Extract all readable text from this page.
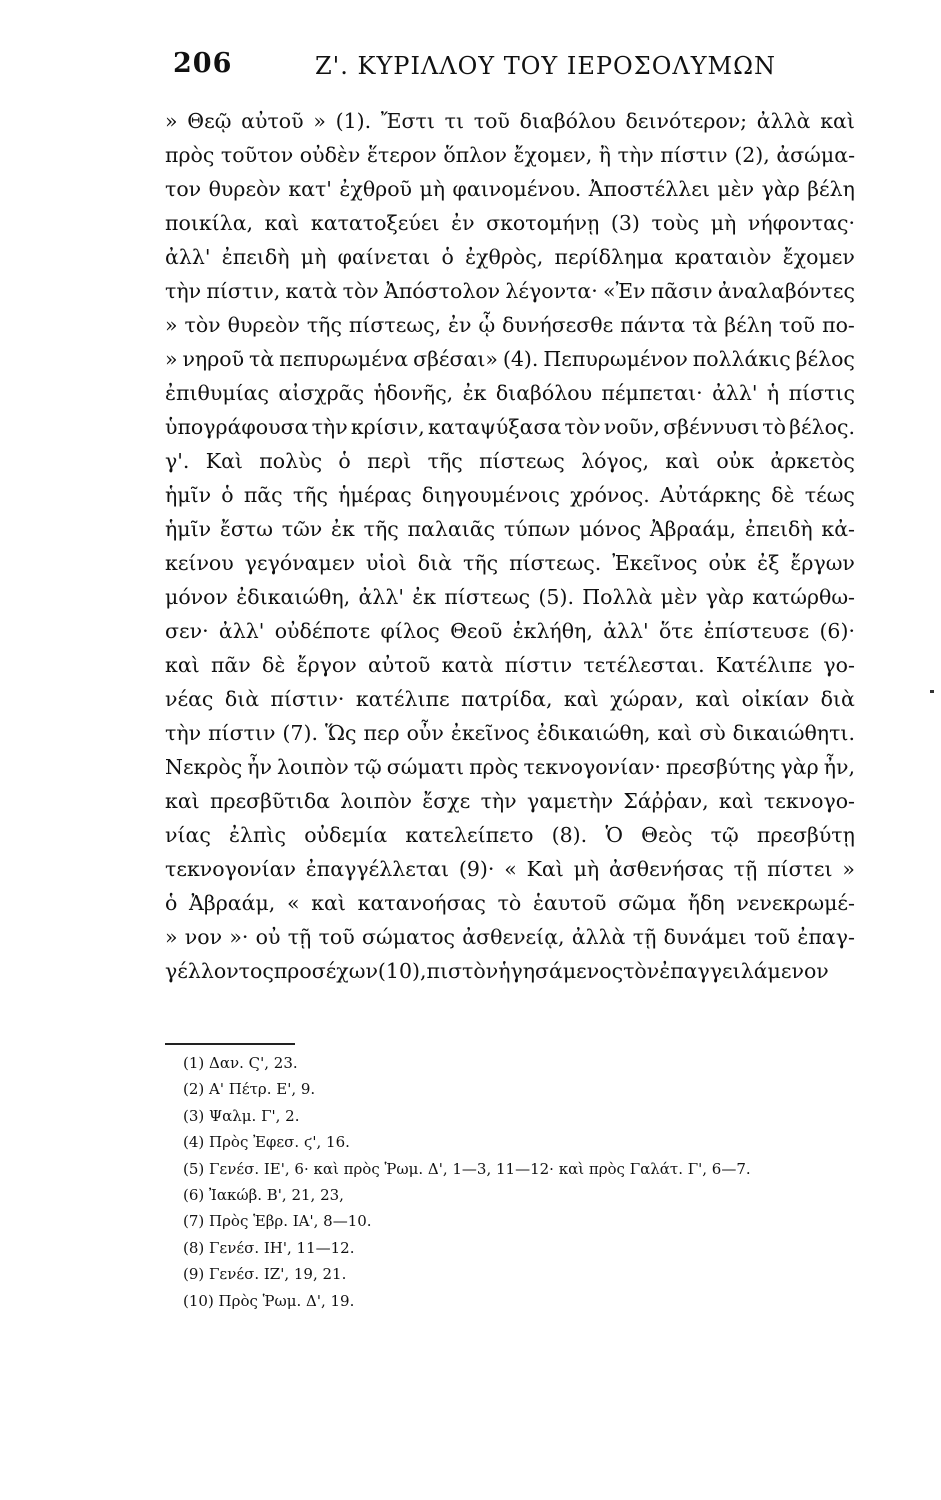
206	Ζ'. ΚΥΡΙΛΛΟΥ ΤΟΥ ΙΕΡΟΣΟΛΥΜΩΝ
» Θεῷ αὐτοῦ » (1). Ἔστι τι τοῦ διαβόλου δεινότερον; ἀλλὰ καὶ
πρὸς τοῦτον οὐδὲν ἕτερον ὅπλον ἔχομεν, ἢ τὴν πίστιν (2), ἀσώμα-
τον θυρεὸν κατ' ἐχθροῦ μὴ φαινομένου. Ἀποστέλλει μὲν γὰρ βέλη
ποικίλα, καὶ κατατοξεύει ἐν σκοτομήνῃ (3) τοὺς μὴ νήφοντας·
ἀλλ' ἐπειδὴ μὴ φαίνεται ὁ ἐχθρὸς, περίδλημα κραταιὸν ἔχομεν
τὴν πίστιν, κατὰ τὸν Ἀπόστολον λέγοντα· «Ἐν πᾶσιν ἀναλαβόντες
» τὸν θυρεὸν τῆς πίστεως, ἐν ᾧ δυνήσεσθε πάντα τὰ βέλη τοῦ πο-
» νηροῦ τὰ πεπυρωμένα σβέσαι» (4). Πεπυρωμένον πολλάκις βέλος
ἐπιθυμίας αἰσχρᾶς ἡδονῆς, ἐκ διαβόλου πέμπεται· ἀλλ' ἡ πίστις
ὑπογράφουσα τὴν κρίσιν, καταψύξασα τὸν νοῦν, σβέννυσι τὸ βέλος.
γ'. Καὶ πολὺς ὁ περὶ τῆς πίστεως λόγος, καὶ οὐκ ἀρκετὸς
ἡμῖν ὁ πᾶς τῆς ἡμέρας διηγουμένοις χρόνος. Αὐτάρκης δὲ τέως
ἡμῖν ἔστω τῶν ἐκ τῆς παλαιᾶς τύπων μόνος Ἀβραάμ, ἐπειδὴ κἀ-
κείνου γεγόναμεν υἱοὶ διὰ τῆς πίστεως. Ἐκεῖνος οὐκ ἐξ ἔργων
μόνον ἐδικαιώθη, ἀλλ' ἐκ πίστεως (5). Πολλὰ μὲν γὰρ κατώρθω-
σεν· ἀλλ' οὐδέποτε φίλος Θεοῦ ἐκλήθη, ἀλλ' ὅτε ἐπίστευσε (6)·
καὶ πᾶν δὲ ἔργον αὐτοῦ κατὰ πίστιν τετέλεσται. Κατέλιπε γο-
νέας διὰ πίστιν· κατέλιπε πατρίδα, καὶ χώραν, καὶ οἰκίαν διὰ
τὴν πίστιν (7). Ὥς περ οὖν ἐκεῖνος ἐδικαιώθη, καὶ σὺ δικαιώθητι.
Νεκρὸς ἦν λοιπὸν τῷ σώματι πρὸς τεκνογονίαν· πρεσβύτης γὰρ ἦν,
καὶ πρεσβῦτιδα λοιπὸν ἔσχε τὴν γαμετὴν Σάῤῥαν, καὶ τεκνογο-
νίας ἐλπὶς οὐδεμία κατελείπετο (8). Ὁ Θεὸς τῷ πρεσβύτῃ
τεκνογονίαν ἐπαγγέλλεται (9)· « Καὶ μὴ ἀσθενήσας τῇ πίστει »
ὁ Ἀβραάμ, « καὶ κατανοήσας τὸ ἑαυτοῦ σῶμα ἤδη νενεκρωμέ-
» νον »· οὐ τῇ τοῦ σώματος ἀσθενείᾳ, ἀλλὰ τῇ δυνάμει τοῦ ἐπαγ-
γέλλοντος προσέχων (10), πιστὸν ἡγησάμενος τὸν ἐπαγγειλάμενον
(1) Δαν. Ϛ', 23.
(2) Α' Πέτρ. Ε', 9.
(3) Ψαλμ. Γ', 2.
(4) Πρὸς Ἐφεσ. ϛ', 16.
(5) Γενέσ. ΙΕ', 6· καὶ πρὸς Ῥωμ. Δ', 1—3, 11—12· καὶ πρὸς Γαλάτ. Γ', 6—7.
(6) Ἰακώβ. Β', 21, 23,
(7) Πρὸς Ἑβρ. ΙΑ', 8—10.
(8) Γενέσ. ΙΗ', 11—12.
(9) Γενέσ. ΙΖ', 19, 21.
(10) Πρὸς Ῥωμ. Δ', 19.
